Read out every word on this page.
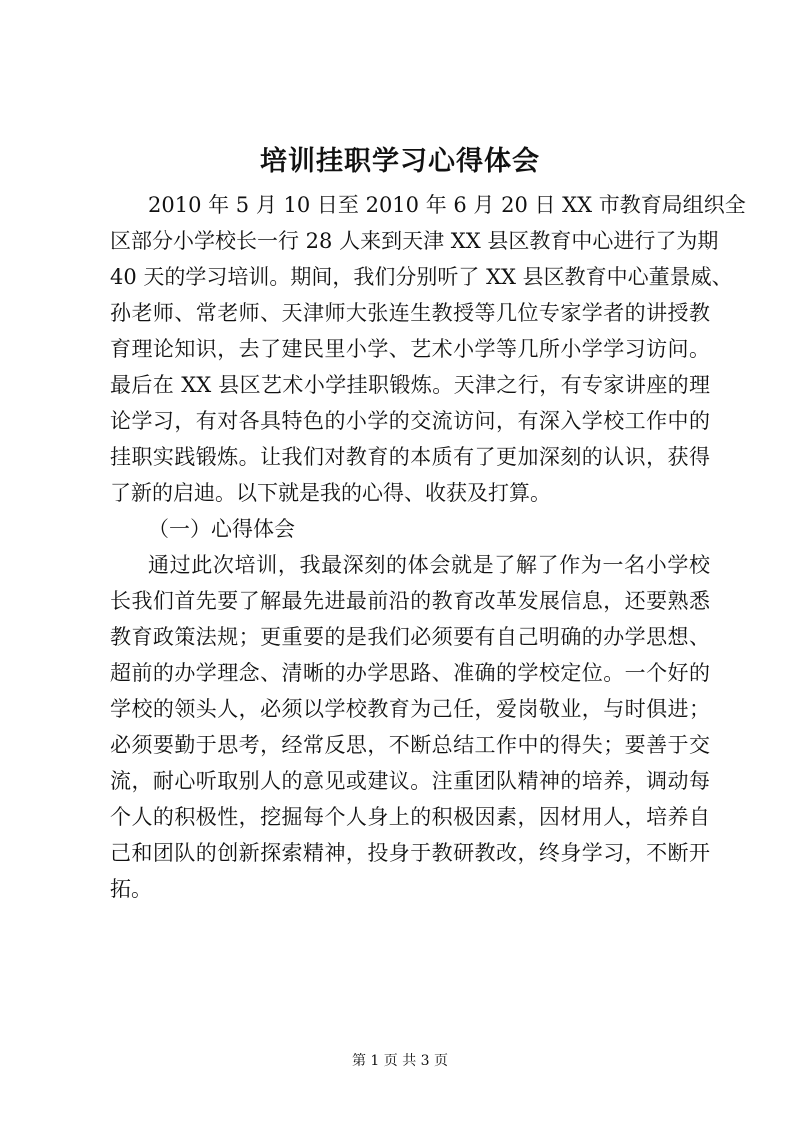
培训挂职学习心得体会
2010 年 5 月 10 日至 2010 年 6 月 20 日 XX 市教育局组织全
区部分小学校长一行 28 人来到天津 XX 县区教育中心进行了为期
40 天的学习培训。期间，我们分别听了 XX 县区教育中心董景威、
孙老师、常老师、天津师大张连生教授等几位专家学者的讲授教
育理论知识，去了建民里小学、艺术小学等几所小学学习访问。
最后在 XX 县区艺术小学挂职锻炼。天津之行，有专家讲座的理
论学习，有对各具特色的小学的交流访问，有深入学校工作中的
挂职实践锻炼。让我们对教育的本质有了更加深刻的认识，获得
了新的启迪。以下就是我的心得、收获及打算。
（一）心得体会
通过此次培训，我最深刻的体会就是了解了作为一名小学校
长我们首先要了解最先进最前沿的教育改革发展信息，还要熟悉
教育政策法规；更重要的是我们必须要有自己明确的办学思想、
超前的办学理念、清晰的办学思路、准确的学校定位。一个好的
学校的领头人，必须以学校教育为己任，爱岗敬业，与时俱进；
必须要勤于思考，经常反思，不断总结工作中的得失；要善于交
流，耐心听取别人的意见或建议。注重团队精神的培养，调动每
个人的积极性，挖掘每个人身上的积极因素，因材用人，培养自
己和团队的创新探索精神，投身于教研教改，终身学习，不断开
拓。
第 1 页 共 3 页
